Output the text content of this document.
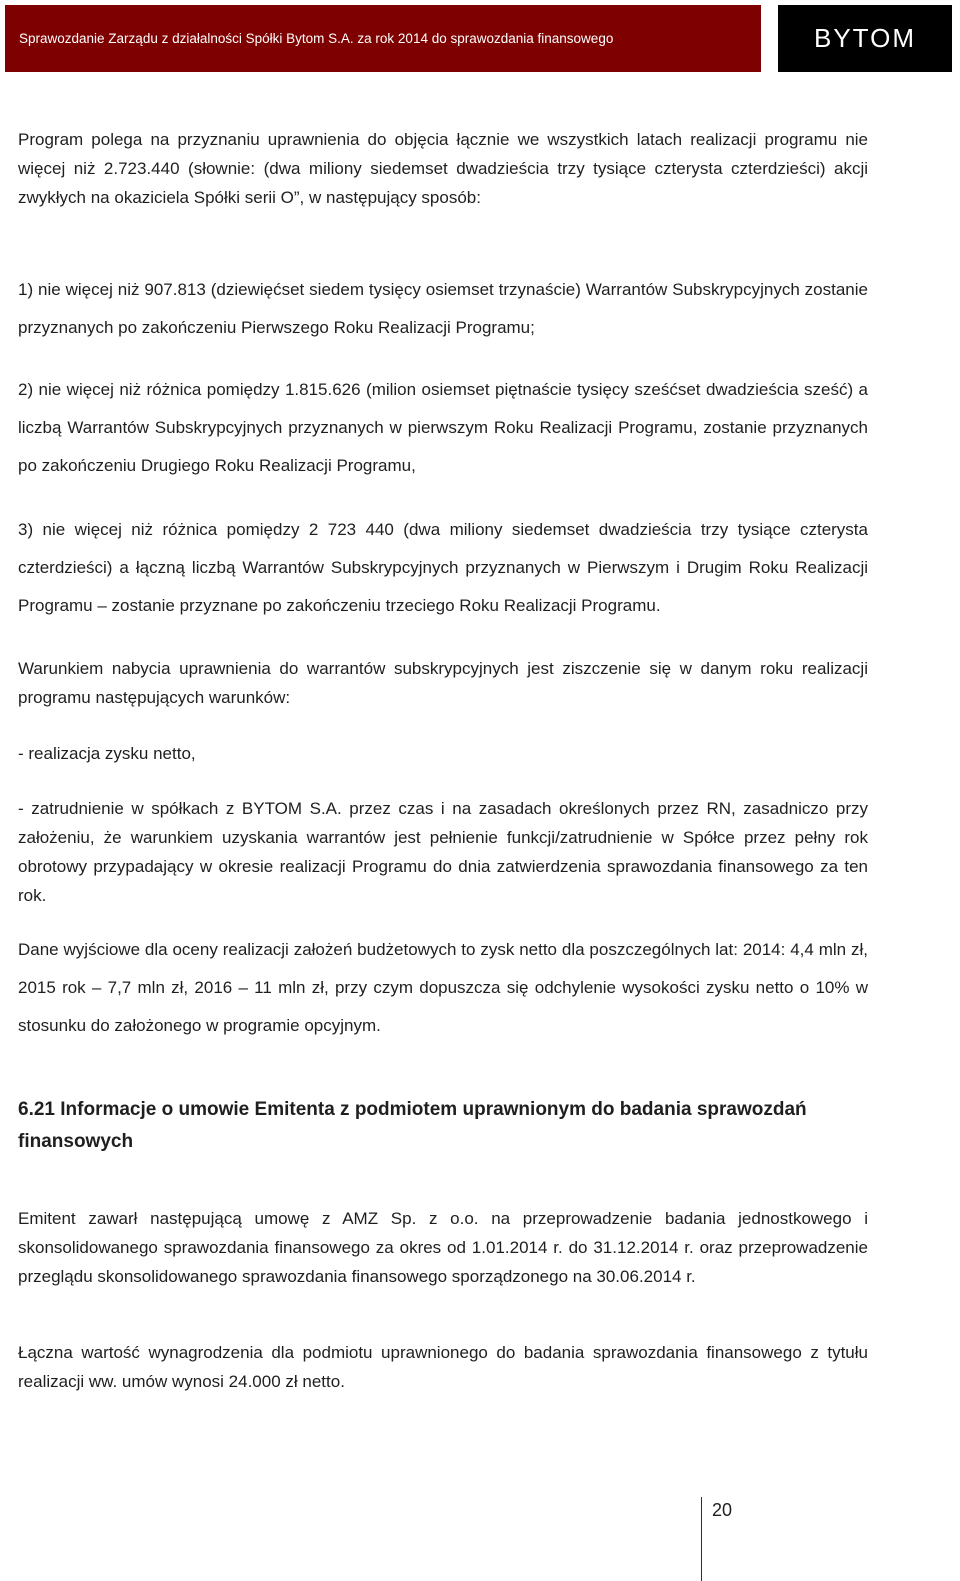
Sprawozdanie Zarządu z działalności Spółki Bytom S.A. za rok 2014 do sprawozdania finansowego	BYTOM

Program polega na przyznaniu uprawnienia do objęcia łącznie we wszystkich latach realizacji programu nie więcej niż 2.723.440 (słownie: (dwa miliony siedemset dwadzieścia trzy tysiące czterysta czterdzieści) akcji zwykłych na okaziciela Spółki serii O”, w następujący sposób:

1) nie więcej niż 907.813 (dziewięćset siedem tysięcy osiemset trzynaście) Warrantów Subskrypcyjnych zostanie przyznanych po zakończeniu Pierwszego Roku Realizacji Programu;

2) nie więcej niż różnica pomiędzy 1.815.626 (milion osiemset piętnaście tysięcy sześćset dwadzieścia sześć) a liczbą Warrantów Subskrypcyjnych przyznanych w pierwszym Roku Realizacji Programu, zostanie przyznanych po zakończeniu Drugiego Roku Realizacji Programu,

3) nie więcej niż różnica pomiędzy 2 723 440 (dwa miliony siedemset dwadzieścia trzy tysiące czterysta czterdzieści) a łączną liczbą Warrantów Subskrypcyjnych przyznanych w Pierwszym i Drugim Roku Realizacji Programu – zostanie przyznane po zakończeniu trzeciego Roku Realizacji Programu.

Warunkiem nabycia uprawnienia do warrantów subskrypcyjnych jest ziszczenie się w danym roku realizacji programu następujących warunków:

- realizacja zysku netto,

- zatrudnienie w spółkach z BYTOM S.A. przez czas i na zasadach określonych przez RN, zasadniczo przy założeniu, że warunkiem uzyskania warrantów jest pełnienie funkcji/zatrudnienie w Spółce przez pełny rok obrotowy przypadający w okresie realizacji Programu do dnia zatwierdzenia sprawozdania finansowego za ten rok.

Dane wyjściowe dla oceny realizacji założeń budżetowych to zysk netto dla poszczególnych lat: 2014: 4,4 mln zł, 2015 rok – 7,7 mln zł, 2016 – 11 mln zł, przy czym dopuszcza się odchylenie wysokości zysku netto o 10% w stosunku do założonego w programie opcyjnym.

6.21 Informacje o umowie Emitenta z podmiotem uprawnionym do badania sprawozdań finansowych

Emitent zawarł następującą umowę z AMZ Sp. z o.o. na przeprowadzenie badania jednostkowego i skonsolidowanego sprawozdania finansowego za okres od 1.01.2014 r. do 31.12.2014 r. oraz przeprowadzenie przeglądu skonsolidowanego sprawozdania finansowego sporządzonego na 30.06.2014 r.

Łączna wartość wynagrodzenia dla podmiotu uprawnionego do badania sprawozdania finansowego z tytułu realizacji ww. umów wynosi 24.000 zł netto.

20
